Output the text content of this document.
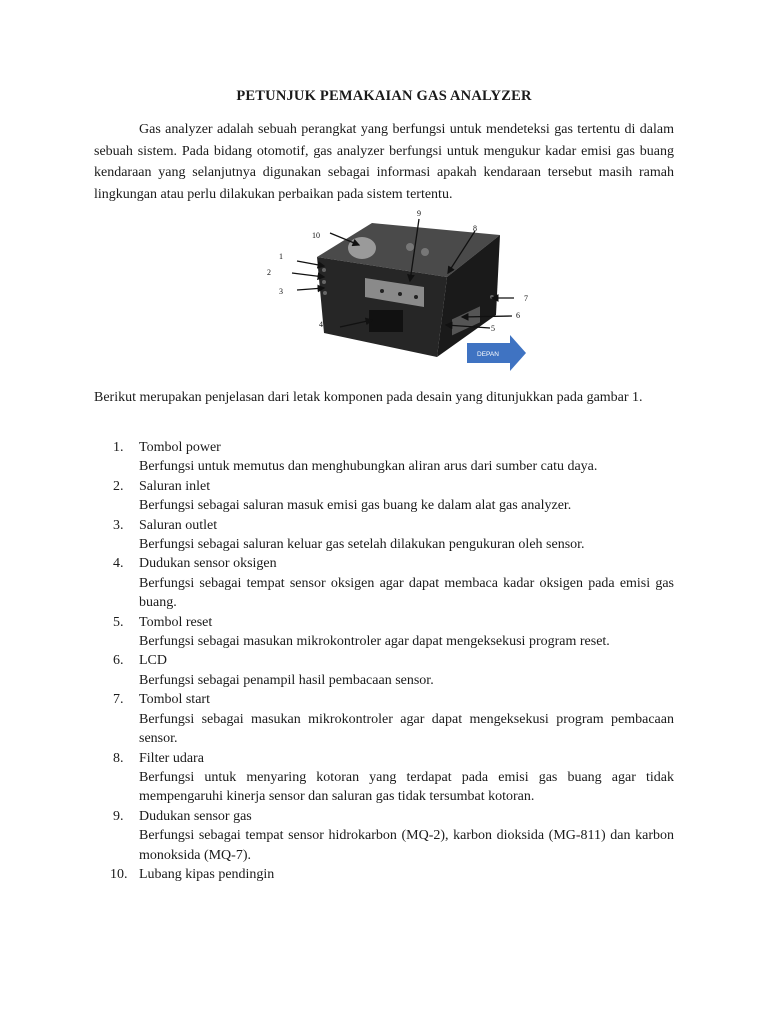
PETUNJUK PEMAKAIAN GAS ANALYZER

Gas analyzer adalah sebuah perangkat yang berfungsi untuk mendeteksi gas tertentu di dalam sebuah sistem. Pada bidang otomotif, gas analyzer berfungsi untuk mengukur kadar emisi gas buang kendaraan yang selanjutnya digunakan sebagai informasi apakah kendaraan tersebut masih ramah lingkungan atau perlu dilakukan perbaikan pada sistem tertentu.

10
9
8
1
2
3
4	5
6
7
DEPAN

Berikut merupakan penjelasan dari letak komponen pada desain yang ditunjukkan pada gambar 1.

1. Tombol power
Berfungsi untuk memutus dan menghubungkan aliran arus dari sumber catu daya.
2. Saluran inlet
Berfungsi sebagai saluran masuk emisi gas buang ke dalam alat gas analyzer.
3. Saluran outlet
Berfungsi sebagai saluran keluar gas setelah dilakukan pengukuran oleh sensor.
4. Dudukan sensor oksigen
Berfungsi sebagai tempat sensor oksigen agar dapat membaca kadar oksigen pada emisi gas buang.
5. Tombol reset
Berfungsi sebagai masukan mikrokontroler agar dapat mengeksekusi program reset.
6. LCD
Berfungsi sebagai penampil hasil pembacaan sensor.
7. Tombol start
Berfungsi sebagai masukan mikrokontroler agar dapat mengeksekusi program pembacaan sensor.
8. Filter udara
Berfungsi untuk menyaring kotoran yang terdapat pada emisi gas buang agar tidak mempengaruhi kinerja sensor dan saluran gas tidak tersumbat kotoran.
9. Dudukan sensor gas
Berfungsi sebagai tempat sensor hidrokarbon (MQ-2), karbon dioksida (MG-811) dan karbon monoksida (MQ-7).
10. Lubang kipas pendingin
